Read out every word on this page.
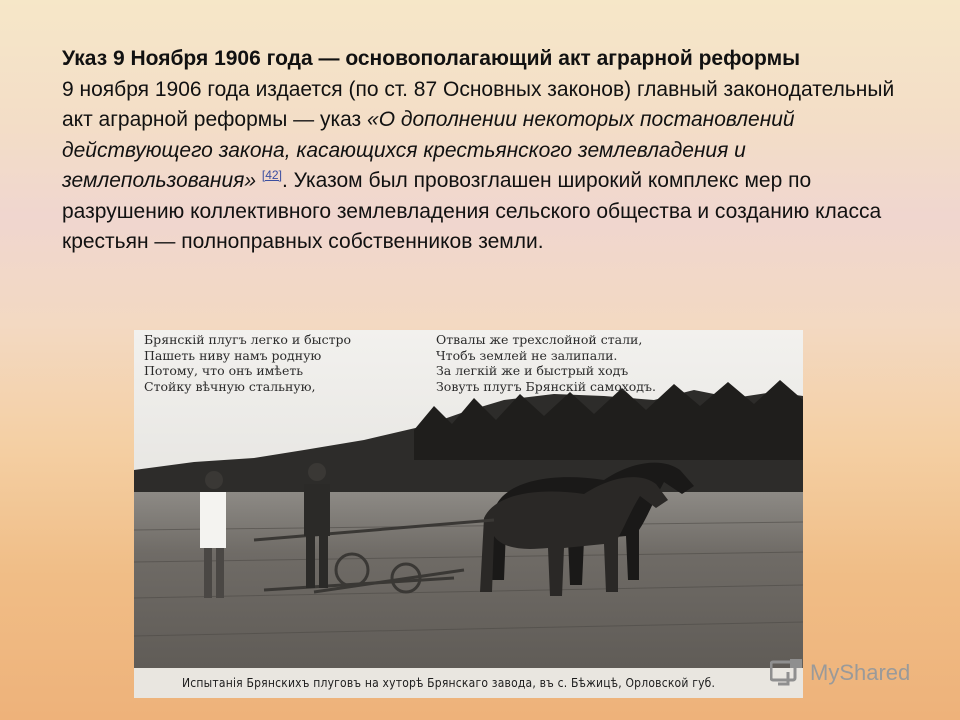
Указ 9 Ноября 1906 года — основополагающий акт аграрной реформы
9 ноября 1906 года издается (по ст. 87 Основных законов) главный законодательный акт аграрной реформы — указ «О дополнении некоторых постановлений действующего закона, касающихся крестьянского землевладения и землепользования» [42]. Указом был провозглашен широкий комплекс мер по разрушению коллективного землевладения сельского общества и созданию класса крестьян — полноправных собственников земли.
Брянскій плугъ легко и быстро
Пашеть ниву намъ родную
Потому, что онъ имѣеть
Стойку вѣчную стальную,
Отвалы же трехслойной стали,
Чтобъ землей не залипали.
За легкій же и быстрый ходъ
Зовуть плугъ Брянскій самоходъ.
Испытанія Брянскихъ плуговъ на хуторѣ Брянскаго завода, въ с. Бѣжицѣ, Орловской губ.	MyShared
